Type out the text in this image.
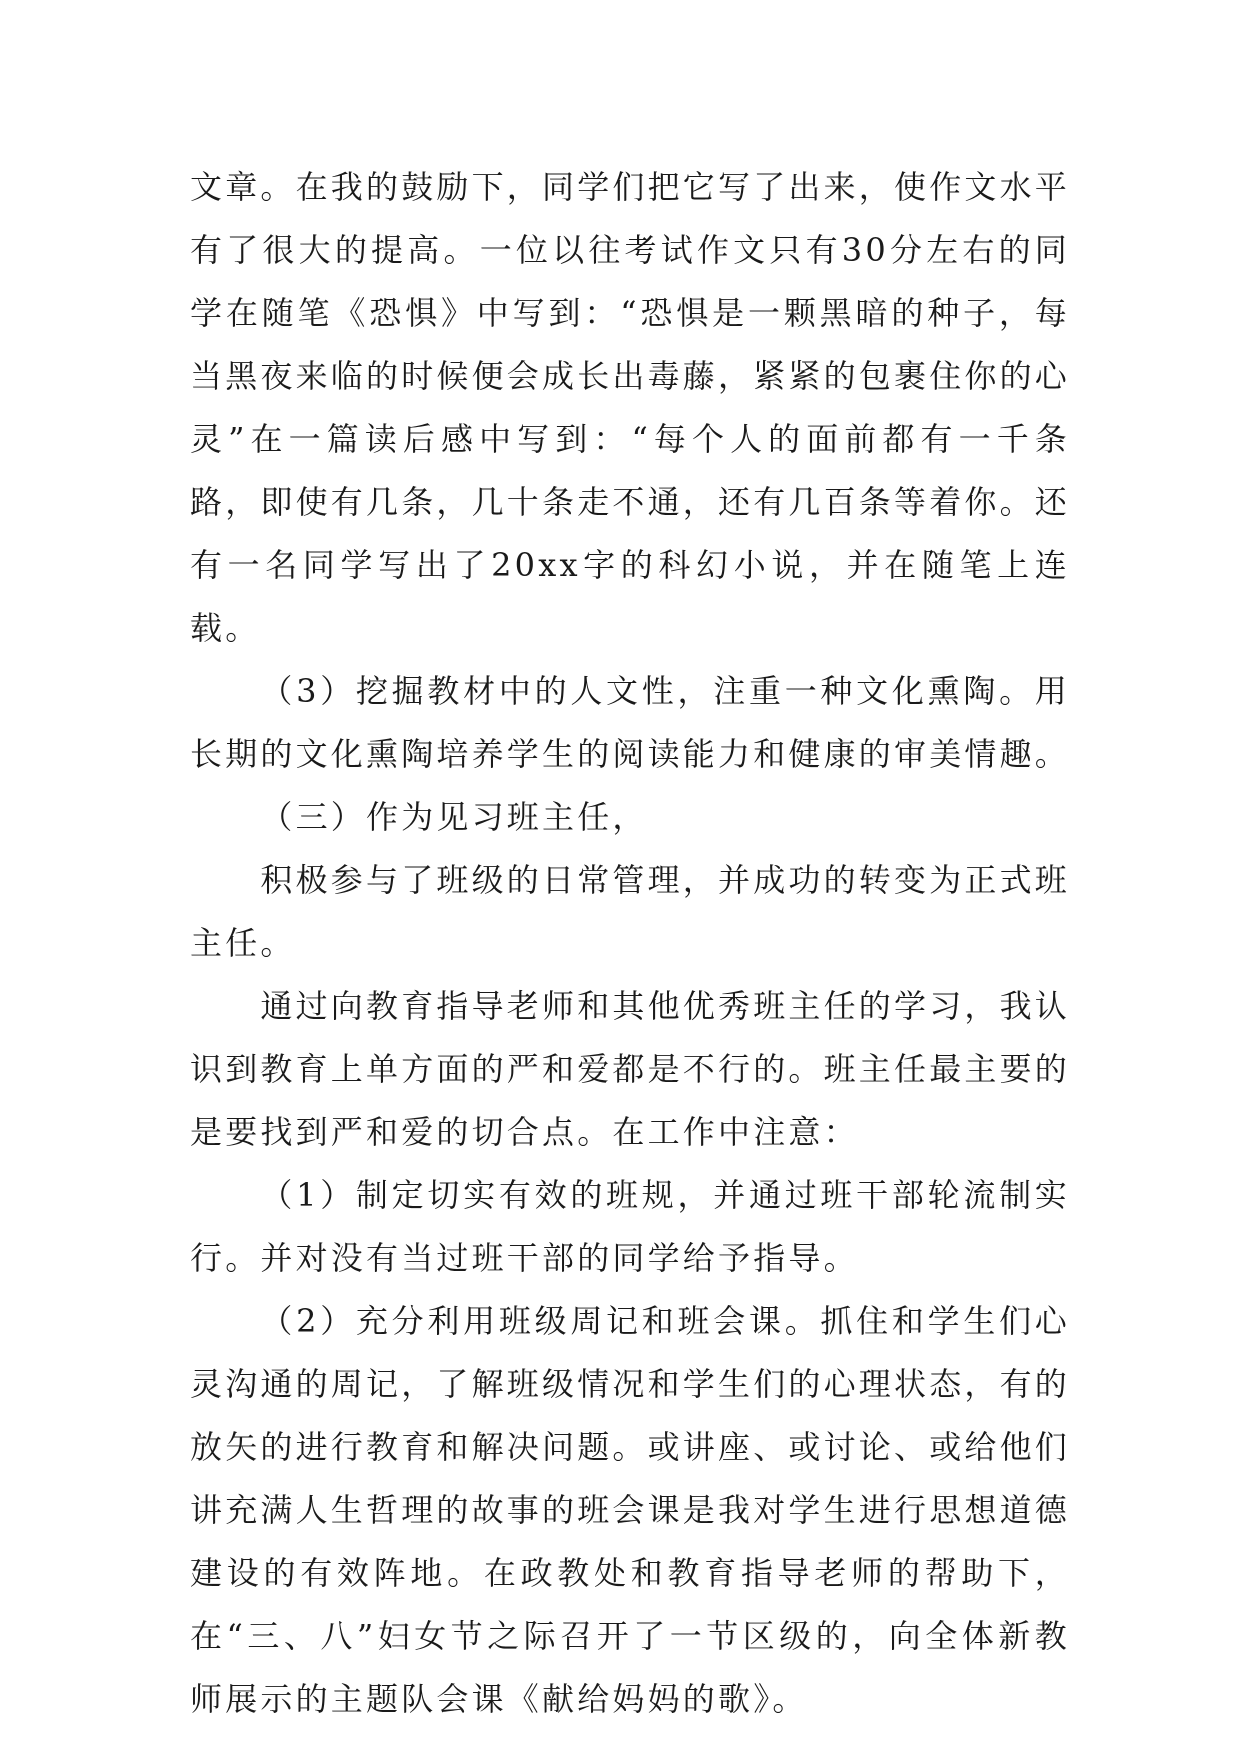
文章。在我的鼓励下，同学们把它写了出来，使作文水平有了很大的提高。一位以往考试作文只有30分左右的同学在随笔《恐惧》中写到：“恐惧是一颗黑暗的种子，每当黑夜来临的时候便会成长出毒藤，紧紧的包裹住你的心灵”在一篇读后感中写到：“每个人的面前都有一千条路，即使有几条，几十条走不通，还有几百条等着你。还有一名同学写出了20xx字的科幻小说，并在随笔上连载。

（3）挖掘教材中的人文性，注重一种文化熏陶。用长期的文化熏陶培养学生的阅读能力和健康的审美情趣。

（三）作为见习班主任，

积极参与了班级的日常管理，并成功的转变为正式班主任。

通过向教育指导老师和其他优秀班主任的学习，我认识到教育上单方面的严和爱都是不行的。班主任最主要的是要找到严和爱的切合点。在工作中注意：

（1）制定切实有效的班规，并通过班干部轮流制实行。并对没有当过班干部的同学给予指导。

（2）充分利用班级周记和班会课。抓住和学生们心灵沟通的周记，了解班级情况和学生们的心理状态，有的放矢的进行教育和解决问题。或讲座、或讨论、或给他们讲充满人生哲理的故事的班会课是我对学生进行思想道德建设的有效阵地。在政教处和教育指导老师的帮助下，在“三、八”妇女节之际召开了一节区级的，向全体新教师展示的主题队会课《献给妈妈的歌》。
